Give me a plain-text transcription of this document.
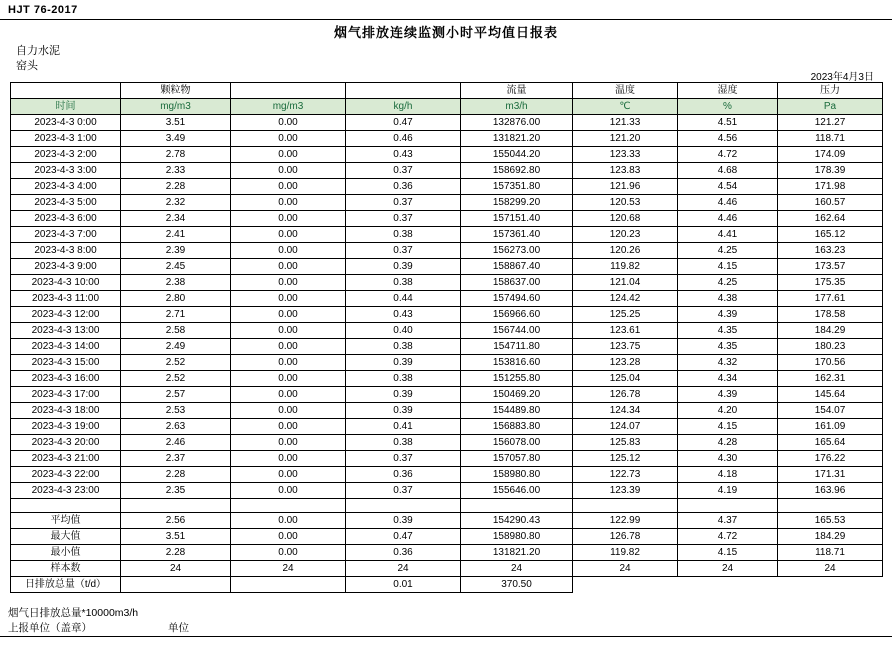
HJT 76-2017
烟气排放连续监测小时平均值日报表
自力水泥
窑头
2023年4月3日
	颗粒物			流量	温度	湿度	压力
时间	mg/m3	mg/m3	kg/h	m3/h	℃	%	Pa
2023-4-3 0:00	3.51	0.00	0.47	132876.00	121.33	4.51	121.27
2023-4-3 1:00	3.49	0.00	0.46	131821.20	121.20	4.56	118.71
2023-4-3 2:00	2.78	0.00	0.43	155044.20	123.33	4.72	174.09
2023-4-3 3:00	2.33	0.00	0.37	158692.80	123.83	4.68	178.39
2023-4-3 4:00	2.28	0.00	0.36	157351.80	121.96	4.54	171.98
2023-4-3 5:00	2.32	0.00	0.37	158299.20	120.53	4.46	160.57
2023-4-3 6:00	2.34	0.00	0.37	157151.40	120.68	4.46	162.64
2023-4-3 7:00	2.41	0.00	0.38	157361.40	120.23	4.41	165.12
2023-4-3 8:00	2.39	0.00	0.37	156273.00	120.26	4.25	163.23
2023-4-3 9:00	2.45	0.00	0.39	158867.40	119.82	4.15	173.57
2023-4-3 10:00	2.38	0.00	0.38	158637.00	121.04	4.25	175.35
2023-4-3 11:00	2.80	0.00	0.44	157494.60	124.42	4.38	177.61
2023-4-3 12:00	2.71	0.00	0.43	156966.60	125.25	4.39	178.58
2023-4-3 13:00	2.58	0.00	0.40	156744.00	123.61	4.35	184.29
2023-4-3 14:00	2.49	0.00	0.38	154711.80	123.75	4.35	180.23
2023-4-3 15:00	2.52	0.00	0.39	153816.60	123.28	4.32	170.56
2023-4-3 16:00	2.52	0.00	0.38	151255.80	125.04	4.34	162.31
2023-4-3 17:00	2.57	0.00	0.39	150469.20	126.78	4.39	145.64
2023-4-3 18:00	2.53	0.00	0.39	154489.80	124.34	4.20	154.07
2023-4-3 19:00	2.63	0.00	0.41	156883.80	124.07	4.15	161.09
2023-4-3 20:00	2.46	0.00	0.38	156078.00	125.83	4.28	165.64
2023-4-3 21:00	2.37	0.00	0.37	157057.80	125.12	4.30	176.22
2023-4-3 22:00	2.28	0.00	0.36	158980.80	122.73	4.18	171.31
2023-4-3 23:00	2.35	0.00	0.37	155646.00	123.39	4.19	163.96

平均值	2.56	0.00	0.39	154290.43	122.99	4.37	165.53
最大值	3.51	0.00	0.47	158980.80	126.78	4.72	184.29
最小值	2.28	0.00	0.36	131821.20	119.82	4.15	118.71
样本数	24	24	24	24	24	24	24
日排放总量（t/d）			0.01	370.50			
烟气日排放总量*10000m3/h
上报单位（盖章）	单位
